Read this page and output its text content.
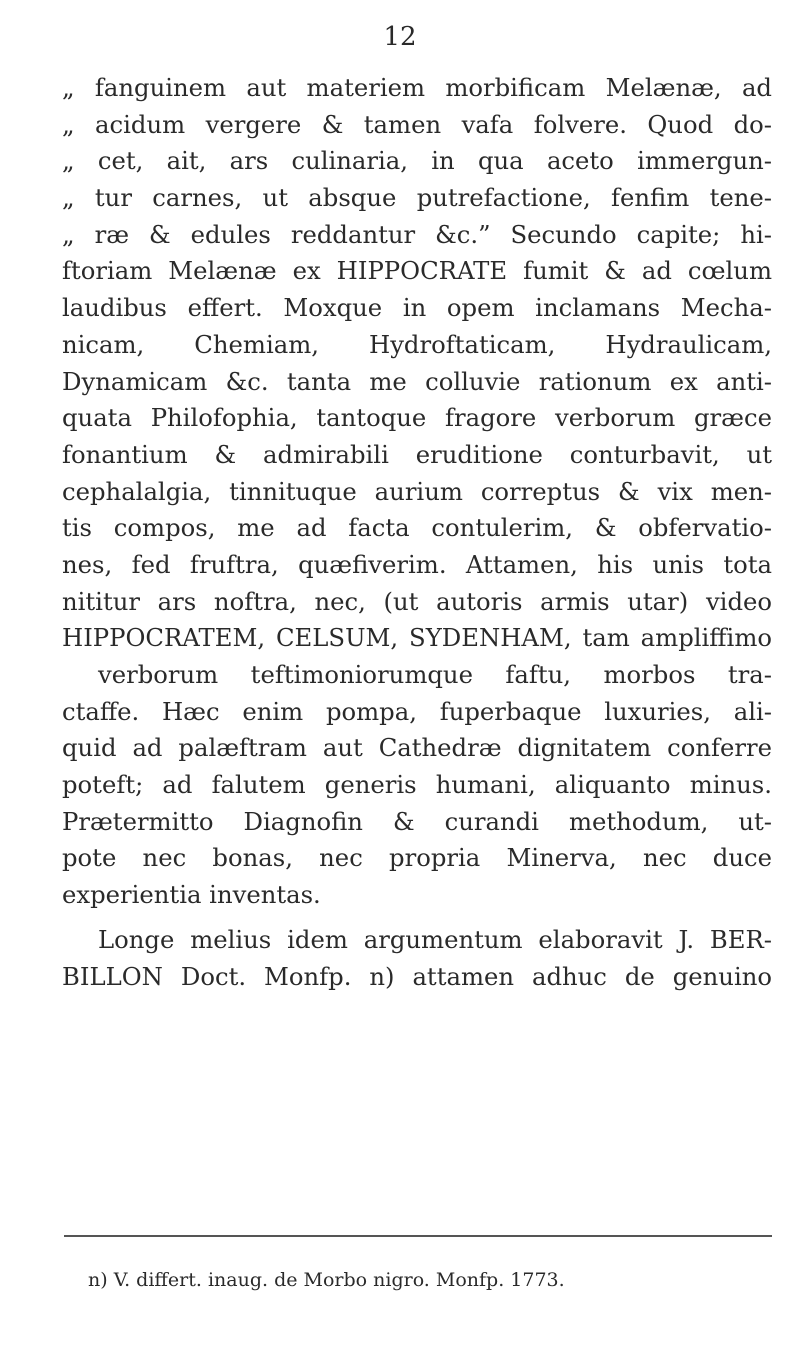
12
„ fanguinem aut materiem morbificam Melænæ, ad
„ acidum vergere & tamen vafa folvere. Quod do-
„ cet, ait, ars culinaria, in qua aceto immergun-
„ tur carnes, ut absque putrefactione, fenfim tene-
„ ræ & edules reddantur &c.” Secundo capite; hi-
ftoriam Melænæ ex HIPPOCRATE fumit & ad cœlum
laudibus effert. Moxque in opem inclamans Mecha-
nicam, Chemiam, Hydroftaticam, Hydraulicam,
Dynamicam &c. tanta me colluvie rationum ex anti-
quata Philofophia, tantoque fragore verborum græce
fonantium & admirabili eruditione conturbavit, ut
cephalalgia, tinnituque aurium correptus & vix men-
tis compos, me ad facta contulerim, & obfervatio-
nes, fed fruftra, quæfiverim. Attamen, his unis tota
nititur ars noftra, nec, (ut autoris armis utar) video
HIPPOCRATEM, CELSUM, SYDENHAM, tam ampliffimo
verborum teftimoniorumque faftu, morbos tra-
ctaffe. Hæc enim pompa, fuperbaque luxuries, ali-
quid ad palæftram aut Cathedræ dignitatem conferre
poteft; ad falutem generis humani, aliquanto minus.
Prætermitto Diagnofin & curandi methodum, ut-
pote nec bonas, nec propria Minerva, nec duce
experientia inventas.
Longe melius idem argumentum elaboravit J. BER-
BILLON Doct. Monfp. n) attamen adhuc de genuino
n) V. differt. inaug. de Morbo nigro. Monfp. 1773.
